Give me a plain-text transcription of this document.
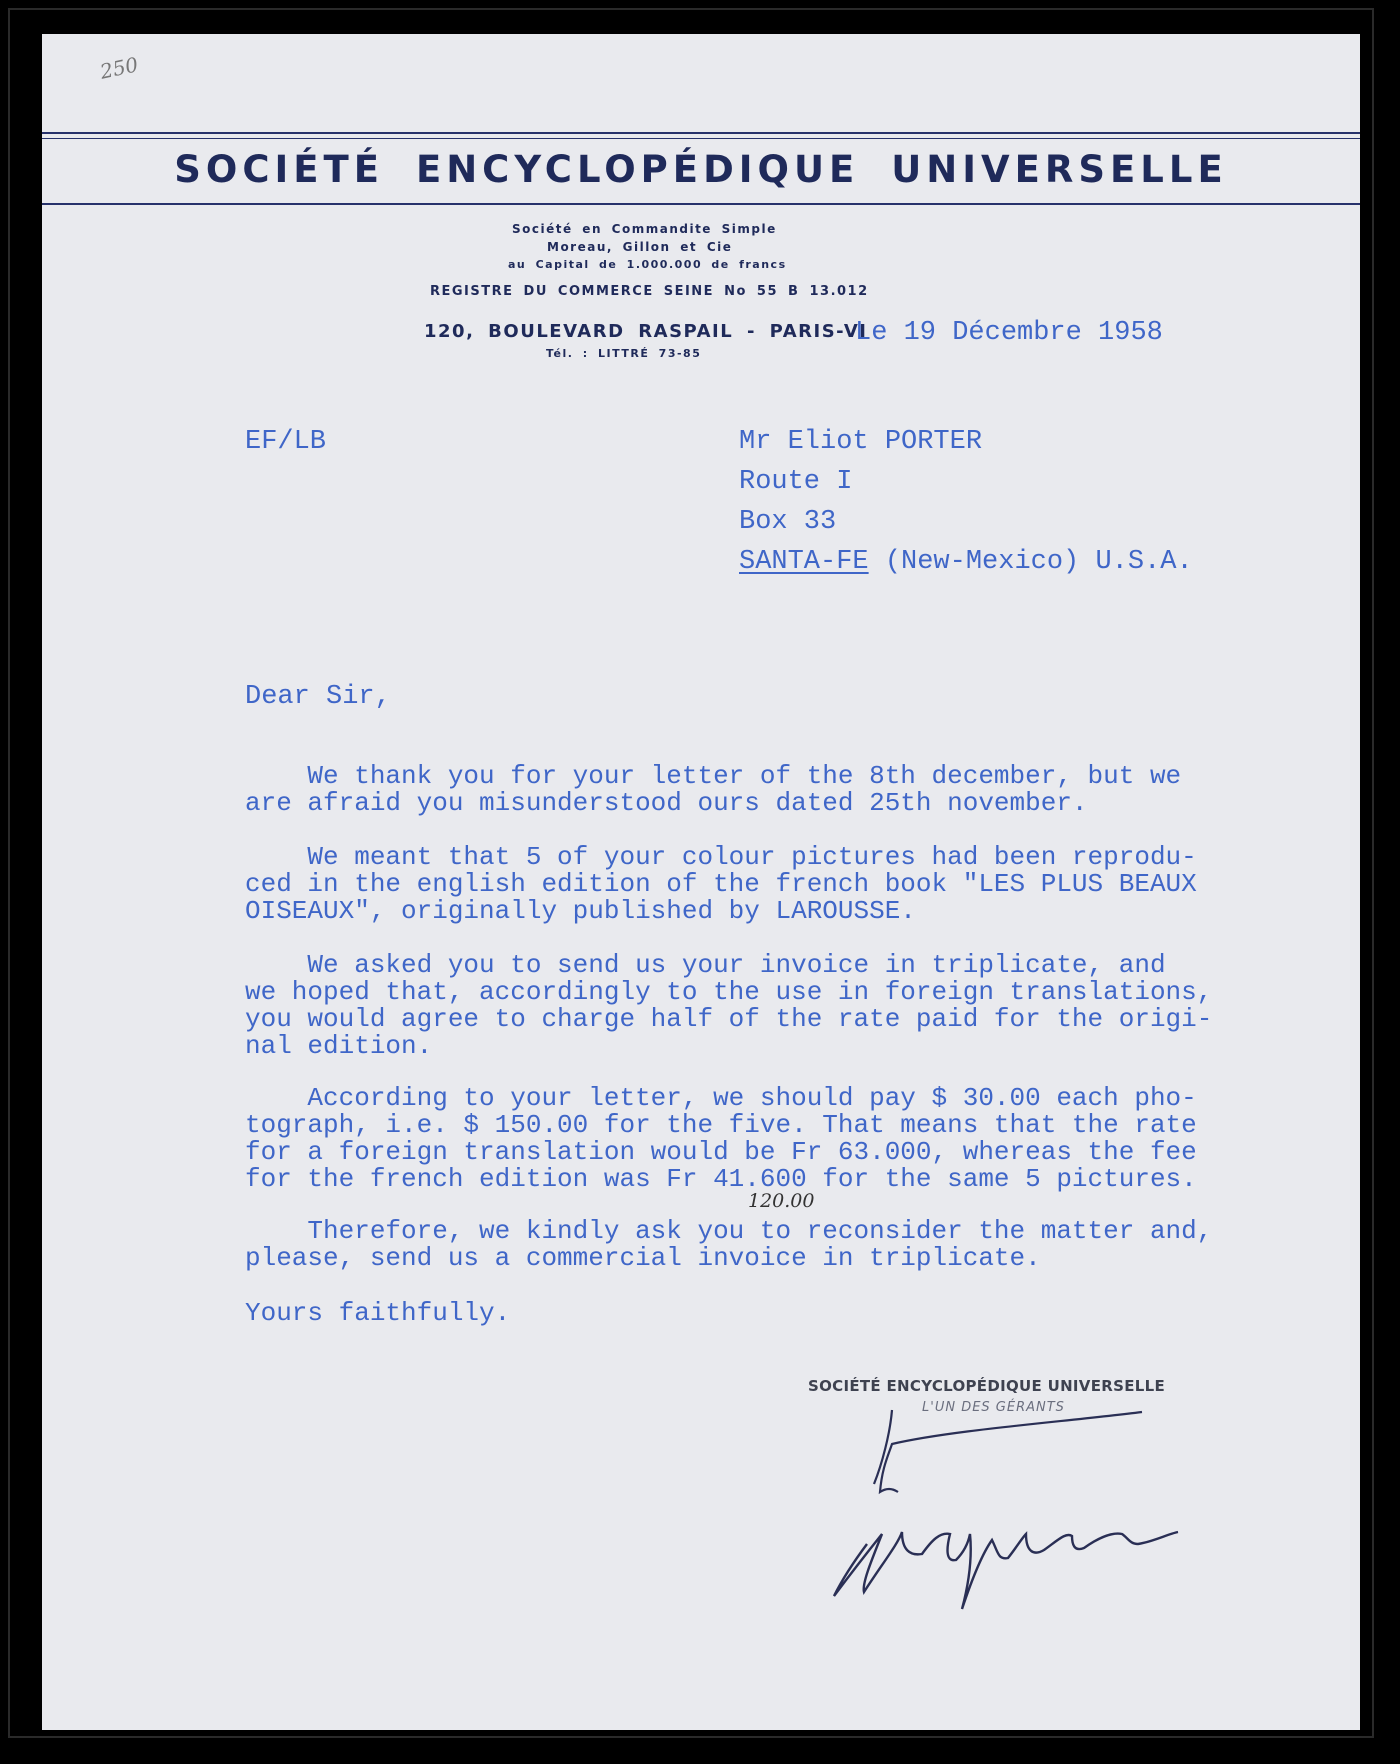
250
SOCIÉTÉ ENCYCLOPÉDIQUE UNIVERSELLE
Société en Commandite Simple
Moreau, Gillon et Cie
au Capital de 1.000.000 de francs
REGISTRE DU COMMERCE SEINE No 55 B 13.012
120, BOULEVARD RASPAIL - PARIS-VI
Tél. : LITTRÉ 73-85
Le 19 Décembre 1958
EF/LB	Mr Eliot PORTER
Route I
Box 33
SANTA-FE (New-Mexico) U.S.A.
Dear Sir,
We thank you for your letter of the 8th december, but we
are afraid you misunderstood ours dated 25th november.
We meant that 5 of your colour pictures had been reprodu-
ced in the english edition of the french book "LES PLUS BEAUX
OISEAUX", originally published by LAROUSSE.
We asked you to send us your invoice in triplicate, and
we hoped that, accordingly to the use in foreign translations,
you would agree to charge half of the rate paid for the origi-
nal edition.
According to your letter, we should pay $ 30.00 each pho-
tograph, i.e. $ 150.00 for the five. That means that the rate
for a foreign translation would be Fr 63.000, whereas the fee
for the french edition was Fr 41.600 for the same 5 pictures.
120.00
Therefore, we kindly ask you to reconsider the matter and,
please, send us a commercial invoice in triplicate.
Yours faithfully.
SOCIÉTÉ ENCYCLOPÉDIQUE UNIVERSELLE
L'UN DES GÉRANTS
